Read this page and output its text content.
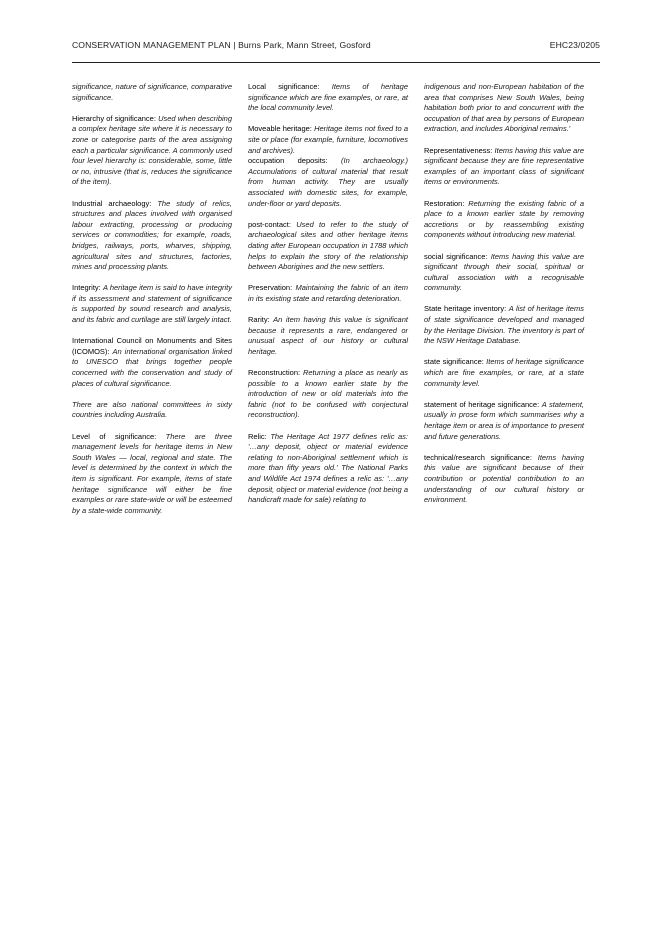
CONSERVATION MANAGEMENT PLAN | Burns Park, Mann Street, Gosford	EHC23/0205

significance, nature of significance, comparative significance.

Hierarchy of significance: Used when describing a complex heritage site where it is necessary to zone or categorise parts of the area assigning each a particular significance. A commonly used four level hierarchy is: considerable, some, little or no, intrusive (that is, reduces the significance of the item).

Industrial archaeology: The study of relics, structures and places involved with organised labour extracting, processing or producing services or commodities; for example, roads, bridges, railways, ports, wharves, shipping, agricultural sites and structures, factories, mines and processing plants.

Integrity: A heritage item is said to have integrity if its assessment and statement of significance is supported by sound research and analysis, and its fabric and curtilage are still largely intact.

International Council on Monuments and Sites (ICOMOS): An international organisation linked to UNESCO that brings together people concerned with the conservation and study of places of cultural significance.

There are also national committees in sixty countries including Australia.

Level of significance: There are three management levels for heritage items in New South Wales — local, regional and state. The level is determined by the context in which the item is significant. For example, items of state heritage significance will either be fine examples or rare state-wide or will be esteemed by a state-wide community.

Local significance: Items of heritage significance which are fine examples, or rare, at the local community level.

Moveable heritage: Heritage items not fixed to a site or place (for example, furniture, locomotives and archives).

occupation deposits: (In archaeology.) Accumulations of cultural material that result from human activity. They are usually associated with domestic sites, for example, under-floor or yard deposits.

post-contact: Used to refer to the study of archaeological sites and other heritage items dating after European occupation in 1788 which helps to explain the story of the relationship between Aborigines and the new settlers.

Preservation: Maintaining the fabric of an item in its existing state and retarding deterioration.

Rarity: An item having this value is significant because it represents a rare, endangered or unusual aspect of our history or cultural heritage.

Reconstruction: Returning a place as nearly as possible to a known earlier state by the introduction of new or old materials into the fabric (not to be confused with conjectural reconstruction).

Relic: The Heritage Act 1977 defines relic as: '…any deposit, object or material evidence relating to non-Aboriginal settlement which is more than fifty years old.' The National Parks and Wildlife Act 1974 defines a relic as: '…any deposit, object or material evidence (not being a handicraft made for sale) relating to

indigenous and non-European habitation of the area that comprises New South Wales, being habitation both prior to and concurrent with the occupation of that area by persons of European extraction, and includes Aboriginal remains.'

Representativeness: Items having this value are significant because they are fine representative examples of an important class of significant items or environments.

Restoration: Returning the existing fabric of a place to a known earlier state by removing accretions or by reassembling existing components without introducing new material.

social significance: Items having this value are significant through their social, spiritual or cultural association with a recognisable community.

State heritage inventory: A list of heritage items of state significance developed and managed by the Heritage Division. The inventory is part of the NSW Heritage Database.

state significance: Items of heritage significance which are fine examples, or rare, at a state community level.

statement of heritage significance: A statement, usually in prose form which summarises why a heritage item or area is of importance to present and future generations.

technical/research significance: Items having this value are significant because of their contribution or potential contribution to an understanding of our cultural history or environment.
